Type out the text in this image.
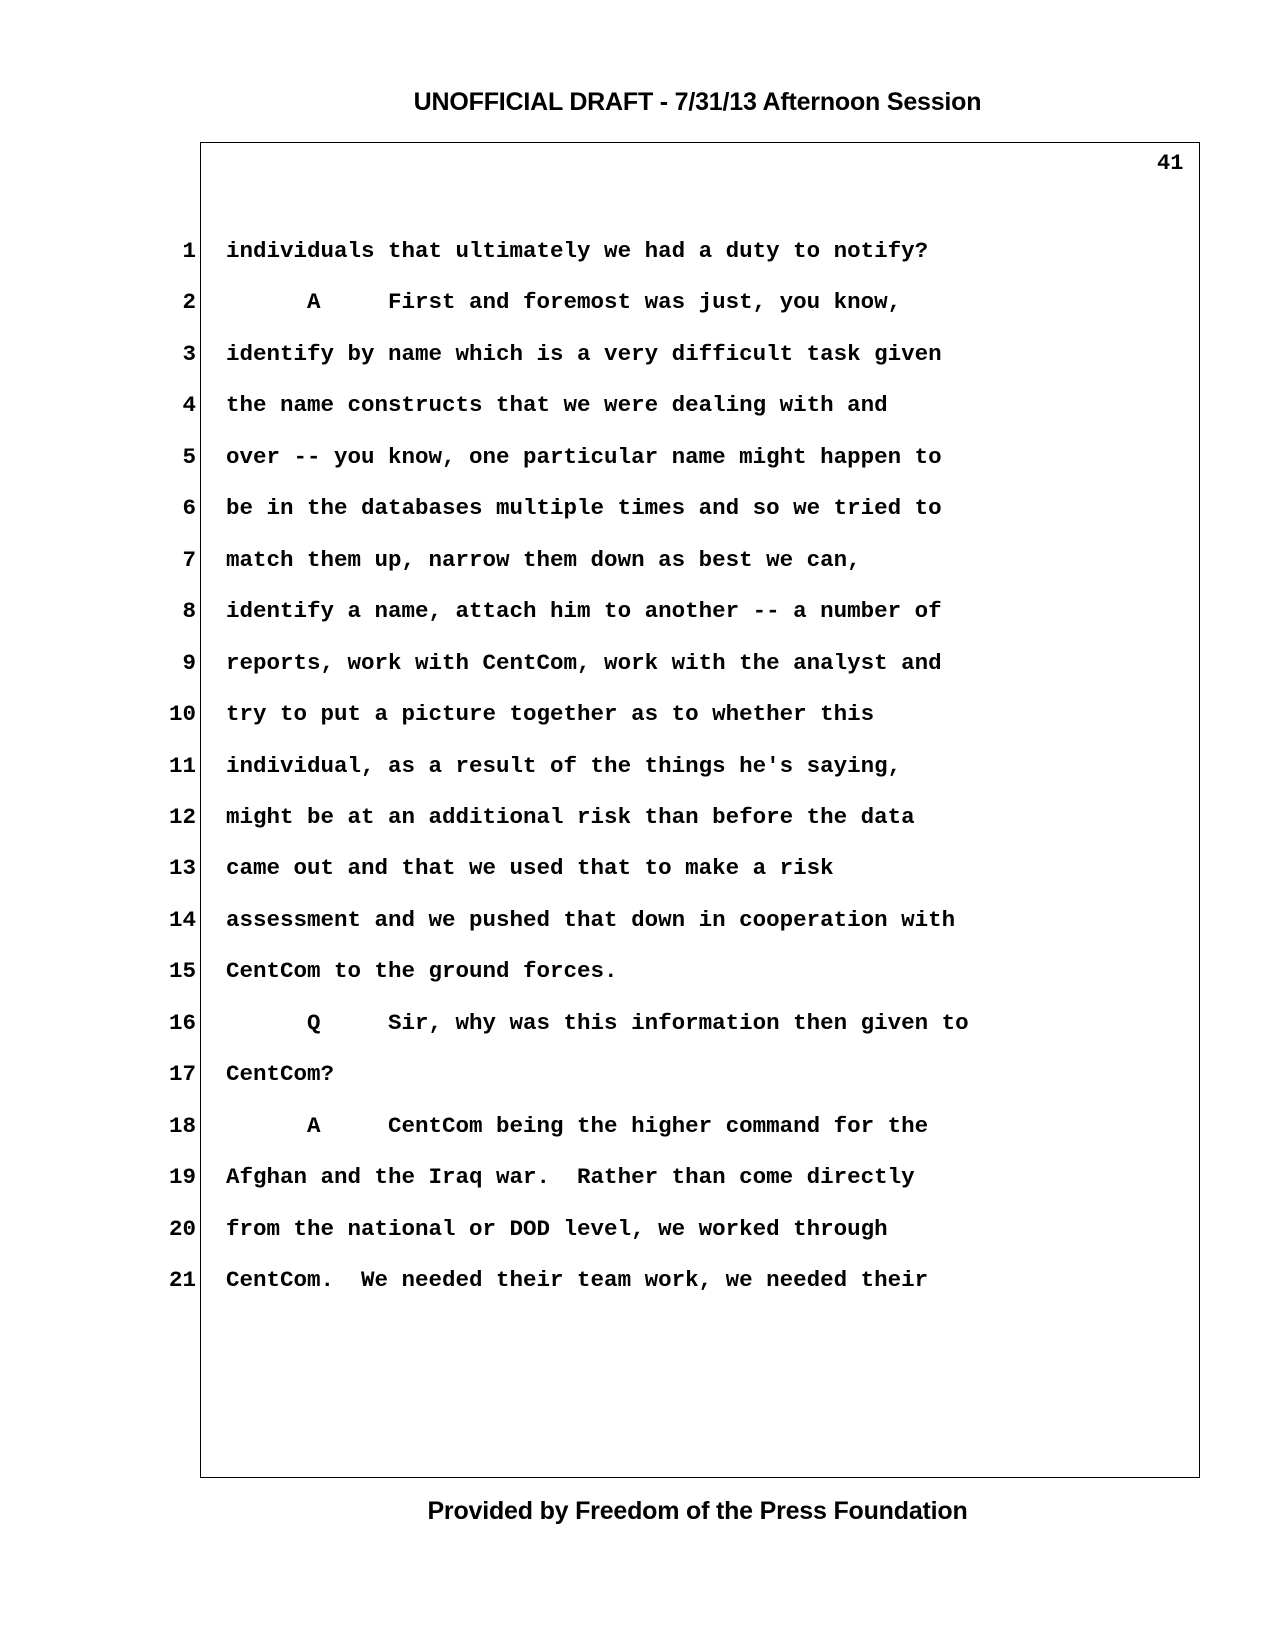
UNOFFICIAL DRAFT - 7/31/13 Afternoon Session
41
1 individuals that ultimately we had a duty to notify?
2 A     First and foremost was just, you know,
3 identify by name which is a very difficult task given
4 the name constructs that we were dealing with and
5 over -- you know, one particular name might happen to
6 be in the databases multiple times and so we tried to
7 match them up, narrow them down as best we can,
8 identify a name, attach him to another -- a number of
9 reports, work with CentCom, work with the analyst and
10 try to put a picture together as to whether this
11 individual, as a result of the things he's saying,
12 might be at an additional risk than before the data
13 came out and that we used that to make a risk
14 assessment and we pushed that down in cooperation with
15 CentCom to the ground forces.
16 Q     Sir, why was this information then given to
17 CentCom?
18 A     CentCom being the higher command for the
19 Afghan and the Iraq war.  Rather than come directly
20 from the national or DOD level, we worked through
21 CentCom.  We needed their team work, we needed their
Provided by Freedom of the Press Foundation
